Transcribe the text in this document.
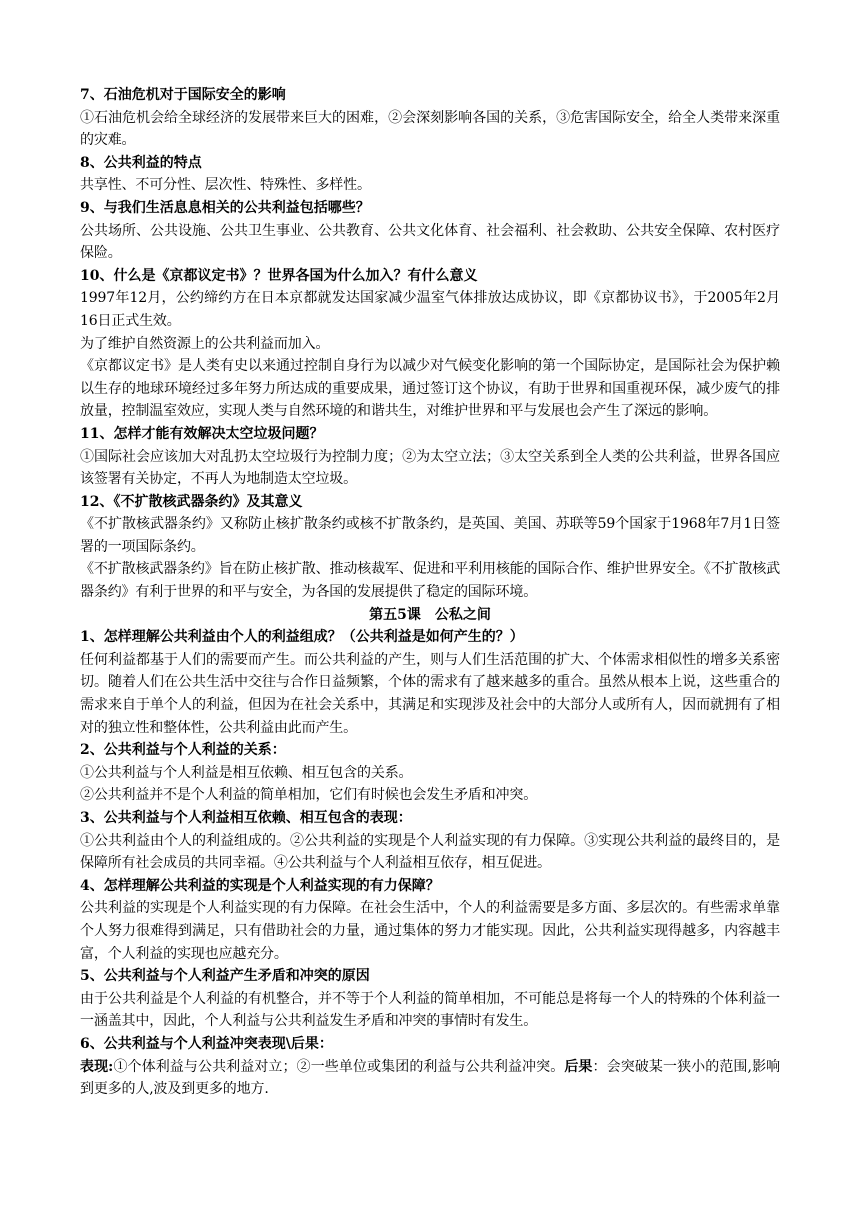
7、石油危机对于国际安全的影响
①石油危机会给全球经济的发展带来巨大的困难，②会深刻影响各国的关系，③危害国际安全，给全人类带来深重的灾难。
8、公共利益的特点
共享性、不可分性、层次性、特殊性、多样性。
9、与我们生活息息相关的公共利益包括哪些？
公共场所、公共设施、公共卫生事业、公共教育、公共文化体育、社会福利、社会救助、公共安全保障、农村医疗保险。
10、什么是《京都议定书》？世界各国为什么加入？有什么意义
1997年12月，公约缔约方在日本京都就发达国家减少温室气体排放达成协议，即《京都协议书》，于2005年2月16日正式生效。
为了维护自然资源上的公共利益而加入。
《京都议定书》是人类有史以来通过控制自身行为以减少对气候变化影响的第一个国际协定，是国际社会为保护赖以生存的地球环境经过多年努力所达成的重要成果，通过签订这个协议，有助于世界和国重视环保，减少废气的排放量，控制温室效应，实现人类与自然环境的和谐共生，对维护世界和平与发展也会产生了深远的影响。
11、怎样才能有效解决太空垃圾问题？
①国际社会应该加大对乱扔太空垃圾行为控制力度；②为太空立法；③太空关系到全人类的公共利益，世界各国应该签署有关协定，不再人为地制造太空垃圾。
12、《不扩散核武器条约》及其意义
《不扩散核武器条约》又称防止核扩散条约或核不扩散条约，是英国、美国、苏联等59个国家于1968年7月1日签署的一项国际条约。
《不扩散核武器条约》旨在防止核扩散、推动核裁军、促进和平利用核能的国际合作、维护世界安全。《不扩散核武器条约》有利于世界的和平与安全，为各国的发展提供了稳定的国际环境。
第五5课　公私之间
1、怎样理解公共利益由个人的利益组成？（公共利益是如何产生的？）
任何利益都基于人们的需要而产生。而公共利益的产生，则与人们生活范围的扩大、个体需求相似性的增多关系密切。随着人们在公共生活中交往与合作日益频繁，个体的需求有了越来越多的重合。虽然从根本上说，这些重合的需求来自于单个人的利益，但因为在社会关系中，其满足和实现涉及社会中的大部分人或所有人，因而就拥有了相对的独立性和整体性，公共利益由此而产生。
2、公共利益与个人利益的关系：
①公共利益与个人利益是相互依赖、相互包含的关系。
②公共利益并不是个人利益的简单相加，它们有时候也会发生矛盾和冲突。
3、公共利益与个人利益相互依赖、相互包含的表现：
①公共利益由个人的利益组成的。②公共利益的实现是个人利益实现的有力保障。③实现公共利益的最终目的，是保障所有社会成员的共同幸福。④公共利益与个人利益相互依存，相互促进。
4、怎样理解公共利益的实现是个人利益实现的有力保障？
公共利益的实现是个人利益实现的有力保障。在社会生活中，个人的利益需要是多方面、多层次的。有些需求单靠个人努力很难得到满足，只有借助社会的力量，通过集体的努力才能实现。因此，公共利益实现得越多，内容越丰富，个人利益的实现也应越充分。
5、公共利益与个人利益产生矛盾和冲突的原因
由于公共利益是个人利益的有机整合，并不等于个人利益的简单相加，不可能总是将每一个人的特殊的个体利益一一涵盖其中，因此，个人利益与公共利益发生矛盾和冲突的事情时有发生。
6、公共利益与个人利益冲突表现\后果：
表现:①个体利益与公共利益对立；②一些单位或集团的利益与公共利益冲突。后果：会突破某一狭小的范围,影响到更多的人,波及到更多的地方.
